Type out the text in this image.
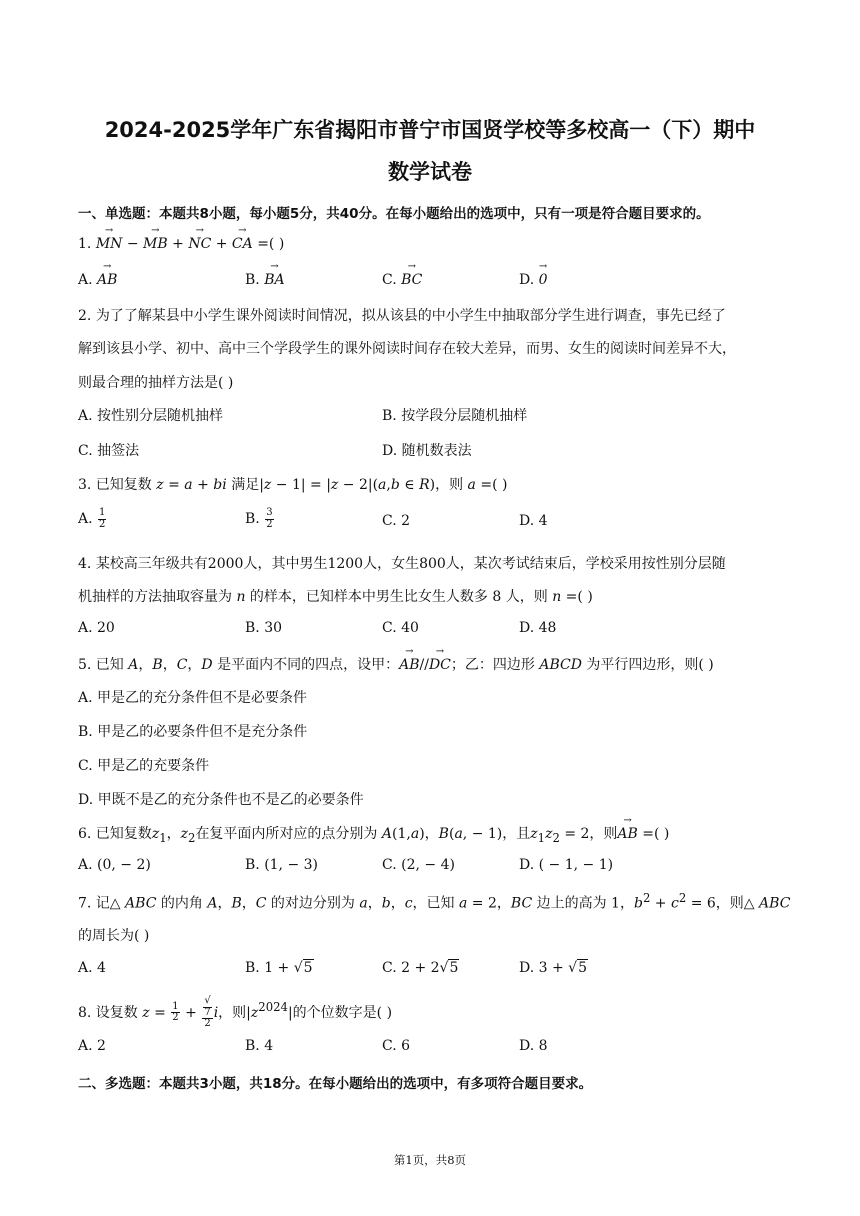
2024-2025学年广东省揭阳市普宁市国贤学校等多校高一（下）期中
数学试卷
一、单选题：本题共8小题，每小题5分，共40分。在每小题给出的选项中，只有一项是符合题目要求的。
1. → MN − → MB + → NC + → CA =( )
A. → AB	B. → BA	C. → BC	D. → 0
2. 为了了解某县中小学生课外阅读时间情况，拟从该县的中小学生中抽取部分学生进行调查，事先已经了
解到该县小学、初中、高中三个学段学生的课外阅读时间存在较大差异，而男、女生的阅读时间差异不大，
则最合理的抽样方法是( )
A. 按性别分层随机抽样	B. 按学段分层随机抽样
C. 抽签法	D. 随机数表法
3. 已知复数 z = a + bi 满足|z − 1| = |z − 2|(a,b ∈ R)，则 a =( )
A. $\frac{1}{2}$	B. $\frac{3}{2}$	C. 2	D. 4
4. 某校高三年级共有2000人，其中男生1200人，女生800人，某次考试结束后，学校采用按性别分层随
机抽样的方法抽取容量为 n 的样本，已知样本中男生比女生人数多 8 人，则 n =( )
A. 20	B. 30	C. 40	D. 48
5. 已知 A，B，C，D 是平面内不同的四点，设甲：→ AB//→ DC；乙：四边形 ABCD 为平行四边形，则( )
A. 甲是乙的充分条件但不是必要条件
B. 甲是乙的必要条件但不是充分条件
C. 甲是乙的充要条件
D. 甲既不是乙的充分条件也不是乙的必要条件
6. 已知复数$z_1$，$z_2$在复平面内所对应的点分别为 A(1,a)，B(a, − 1)，且$z_1z_2 = 2$，则→ AB =( )
A. (0, − 2)	B. (1, − 3)	C. (2, − 4)	D. ( − 1, − 1)
7. 记△ ABC 的内角 A，B，C 的对边分别为 a，b，c，已知 a = 2，BC 边上的高为 1，$b^2 + c^2 = 6$，则△ ABC
的周长为( )
A. 4	B. 1 + √5	C. 2 + 2√5	D. 3 + √5
8. 设复数 $z = \frac{1}{2}$ + √
7
2 i，则$|z^{2024}|$的个位数字是( )
A. 2	B. 4	C. 6	D. 8
二、多选题：本题共3小题，共18分。在每小题给出的选项中，有多项符合题目要求。
第1页，共8页
